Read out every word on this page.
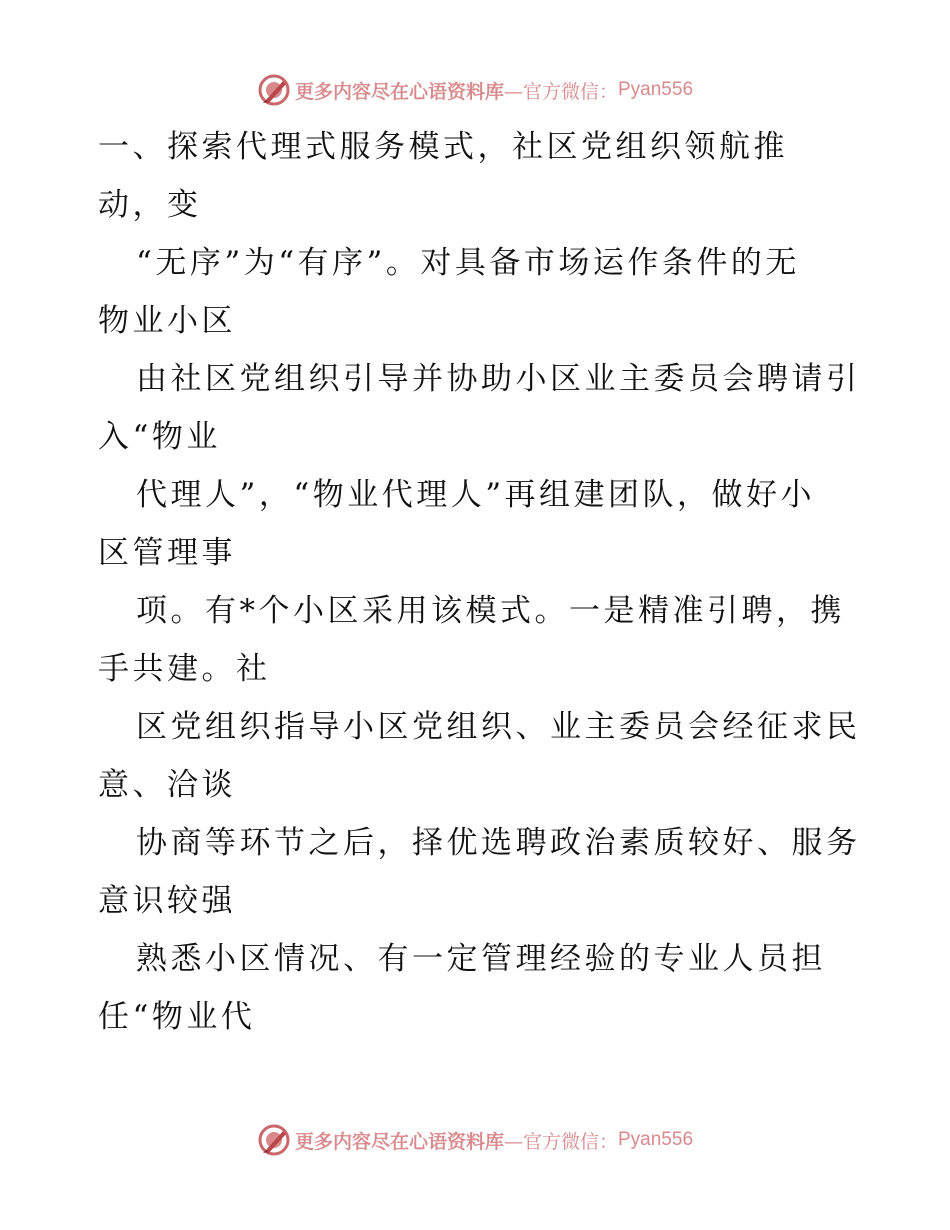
更多内容尽在心语资料库 —官方微信： Pyan556
一、探索代理式服务模式，社区党组织领航推
动，变
“无序”为“有序”。对具备市场运作条件的无
物业小区
由社区党组织引导并协助小区业主委员会聘请引
入“物业
代理人”，“物业代理人”再组建团队，做好小
区管理事
项。有*个小区采用该模式。一是精准引聘，携
手共建。社
区党组织指导小区党组织、业主委员会经征求民
意、洽谈
协商等环节之后，择优选聘政治素质较好、服务
意识较强
熟悉小区情况、有一定管理经验的专业人员担
任“物业代
更多内容尽在心语资料库 —官方微信： Pyan556
